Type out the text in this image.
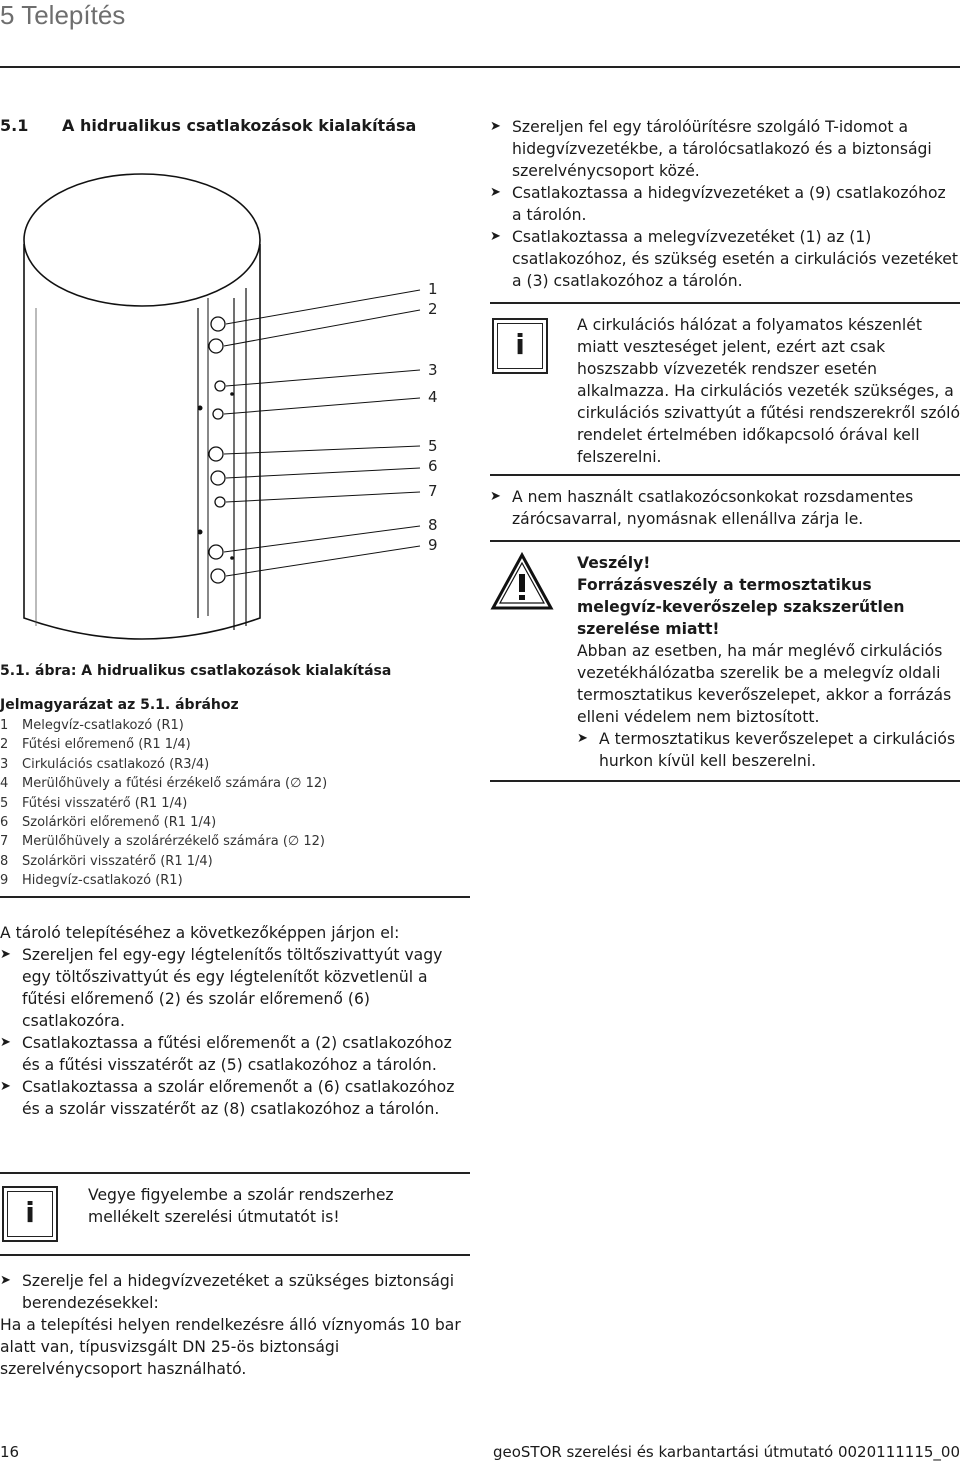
5 Telepítés
5.1 A hidrualikus csatlakozások kialakítása
1
2
3
4
5
6
7
8
9
5.1. ábra: A hidrualikus csatlakozások kialakítása
Jelmagyarázat az 5.1. ábrához
1 Melegvíz-csatlakozó (R1)
2 Fűtési előremenő (R1 1/4)
3 Cirkulációs csatlakozó (R3/4)
4 Merülőhüvely a fűtési érzékelő számára (∅ 12)
5 Fűtési visszatérő (R1 1/4)
6 Szolárköri előremenő (R1 1/4)
7 Merülőhüvely a szolárérzékelő számára (∅ 12)
8 Szolárköri visszatérő (R1 1/4)
9 Hidegvíz-csatlakozó (R1)
A tároló telepítéséhez a következőképpen járjon el:
➤ Szereljen fel egy-egy légtelenítős töltőszivattyút vagy egy töltőszivattyút és egy légtelenítőt közvetlenül a fűtési előremenő (2) és szolár előremenő (6) csatlakozóra.
➤ Csatlakoztassa a fűtési előremenőt a (2) csatlakozóhoz és a fűtési visszatérőt az (5) csatlakozóhoz a tárolón.
➤ Csatlakoztassa a szolár előremenőt a (6) csatlakozóhoz és a szolár visszatérőt az (8) csatlakozóhoz a tárolón.
i
Vegye figyelembe a szolár rendszerhez mellékelt szerelési útmutatót is!
➤ Szerelje fel a hidegvízvezetéket a szükséges biztonsági berendezésekkel:
Ha a telepítési helyen rendelkezésre álló víznyomás 10 bar alatt van, típusvizsgált DN 25-ös biztonsági szerelvénycsoport használható.
➤ Szereljen fel egy tárolóürítésre szolgáló T-idomot a hidegvízvezetékbe, a tárolócsatlakozó és a biztonsági szerelvénycsoport közé.
➤ Csatlakoztassa a hidegvízvezetéket a (9) csatlakozóhoz a tárolón.
➤ Csatlakoztassa a melegvízvezetéket (1) az (1) csatlakozóhoz, és szükség esetén a cirkulációs vezetéket a (3) csatlakozóhoz a tárolón.
i
A cirkulációs hálózat a folyamatos készenlét miatt veszteséget jelent, ezért azt csak hoszszabb vízvezeték rendszer esetén alkalmazza. Ha cirkulációs vezeték szükséges, a cirkulációs szivattyút a fűtési rendszerekről szóló rendelet értelmében időkapcsoló órával kell felszerelni.
➤ A nem használt csatlakozócsonkokat rozsdamentes zárócsavarral, nyomásnak ellenállva zárja le.
Veszély!
Forrázásveszély a termosztatikus melegvíz-keverőszelep szakszerűtlen szerelése miatt!
Abban az esetben, ha már meglévő cirkulációs vezetékhálózatba szerelik be a melegvíz oldali termosztatikus keverőszelepet, akkor a forrázás elleni védelem nem biztosított.
➤ A termosztatikus keverőszelepet a cirkulációs hurkon kívül kell beszerelni.
16	geoSTOR szerelési és karbantartási útmutató 0020111115_00
